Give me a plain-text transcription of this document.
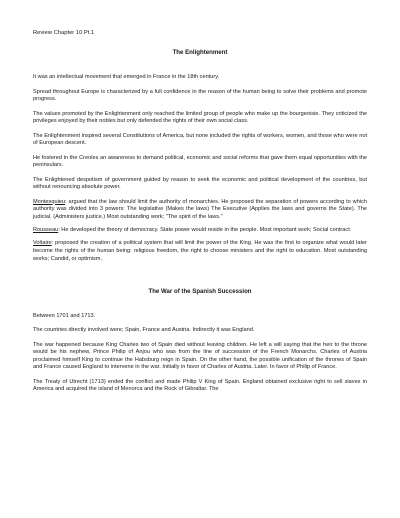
Review Chapter 10 Pt.1
The Enlightenment

It was an intellectual movement that emerged in France in the 18th century.

Spread throughout Europe is characterized by a full confidence in the reason of the human being to solve their problems and promote progress.

The values promoted by the Enlightenment only reached the limited group of people who make up the bourgeoisie. They criticized the privileges enjoyed by their nobles but only defended the rights of their own social class.

The Enlightenment inspired several Constitutions of America, but none included the rights of workers, women, and those who were not of European descent.

He fostered in the Creoles an awareness to demand political, economic and social reforms that gave them equal opportunities with the peninsulars.

The Enlightened despotism of government guided by reason to seek the economic and political development of the countries, but without renouncing absolute power.

Montesquieu: argued that the law should limit the authority of monarchies. He proposed the separation of powers according to which authority was divided into 3 powers: The legislative (Makes the laws) The Executive (Applies the laws and governs the State). The judicial. (Administers justice.) Most outstanding work; "The spirit of the laws."

Rousseau: He developed the theory of democracy. State power would reside in the people. Most important work; Social contract.

Voltaire: proposed the creation of a political system that will limit the power of the King. He was the first to organize what would later become the rights of the human being: religious freedom, the right to choose ministers and the right to education. Most outstanding works; Candid, or optimism.

The War of the Spanish Succession

Between 1701 and 1713.

The countries directly involved were; Spain, France and Austria. Indirectly it was England.

The war happened because King Charles two of Spain died without leaving children. He left a will saying that the heir to the throne would be his nephew, Prince Philip of Anjou who was from the line of succession of the French Monarchs. Charles of Austria proclaimed himself King to continue the Habsburg reign in Spain. On the other hand, the possible unification of the thrones of Spain and France caused England to intervene in the war. Initially in favor of Charles of Austria. Later. In favor of Philip of France.

The Treaty of Utrecht (1713) ended the conflict and made Philip V King of Spain. England obtained exclusive right to sell slaves in America and acquired the island of Menorca and the Rock of Gibraltar. The
